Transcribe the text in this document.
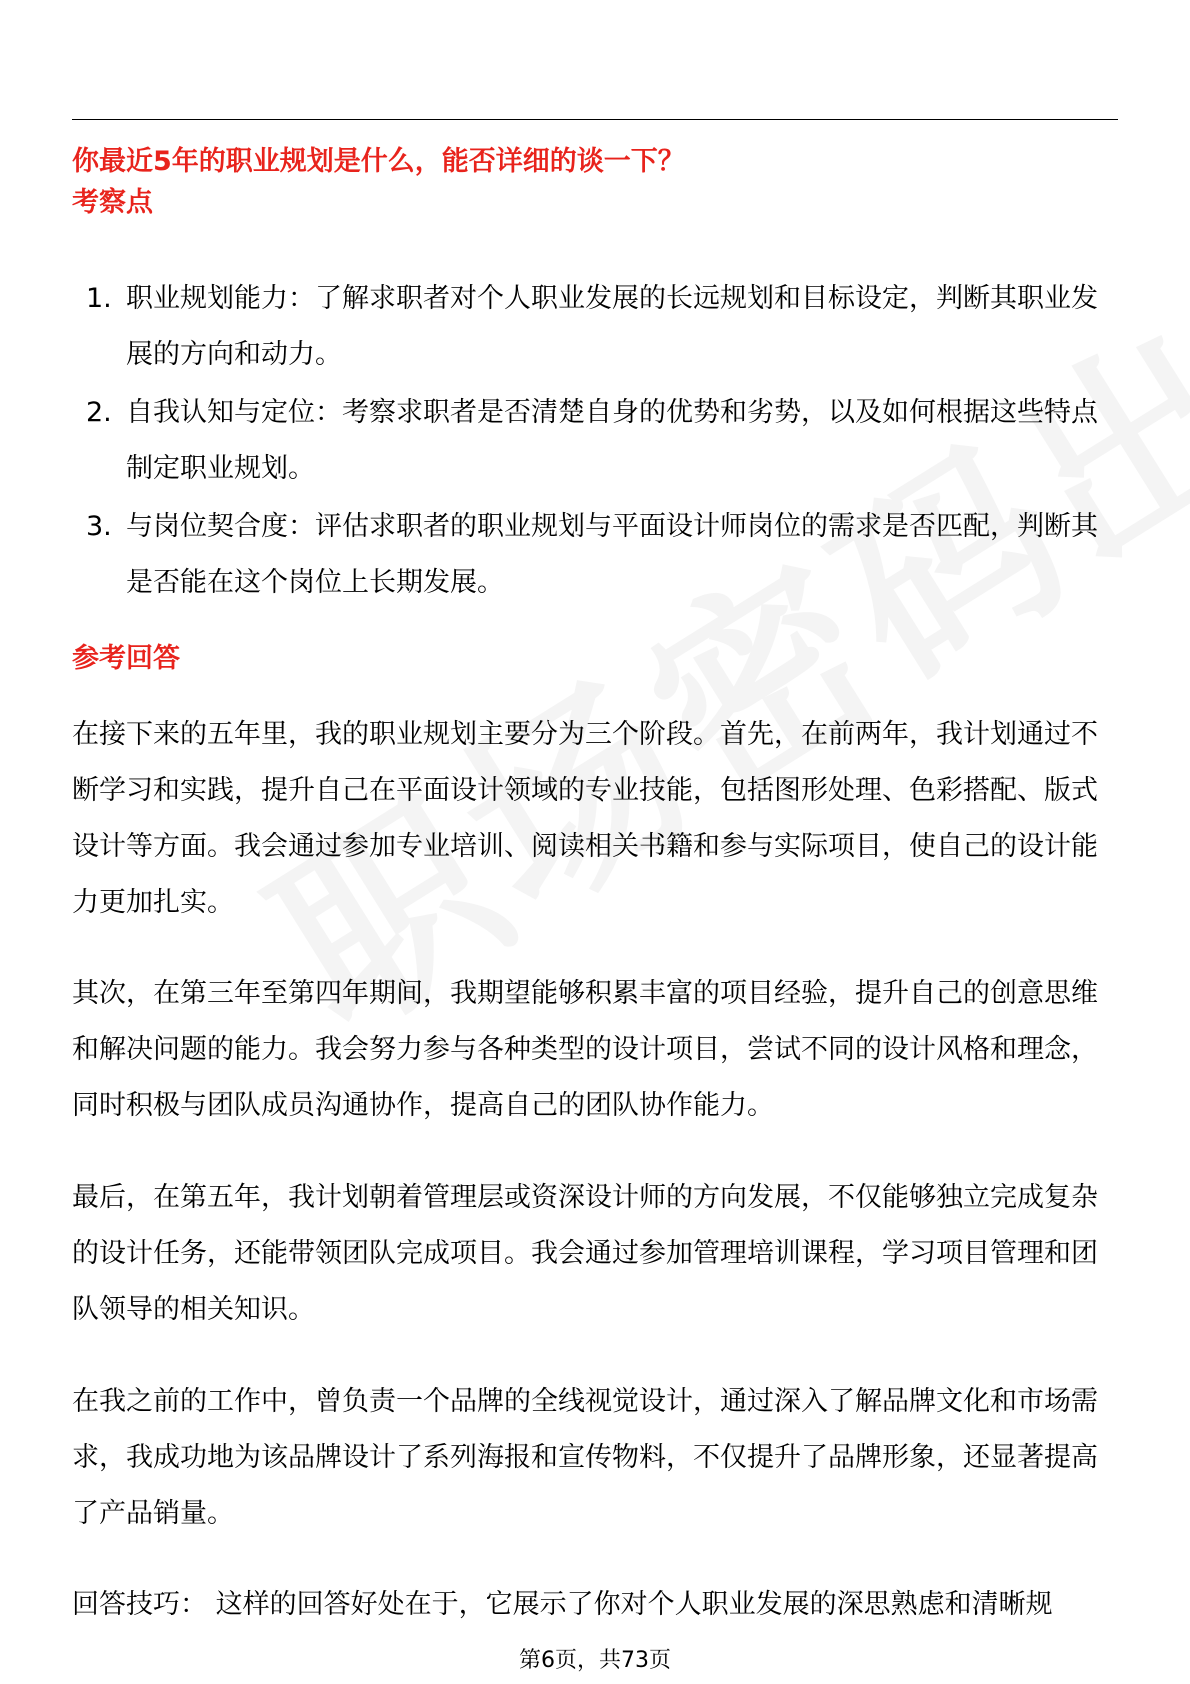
你最近5年的职业规划是什么，能否详细的谈一下？
考察点
1. 职业规划能力：了解求职者对个人职业发展的长远规划和目标设定，判断其职业发展的方向和动力。
2. 自我认知与定位：考察求职者是否清楚自身的优势和劣势，以及如何根据这些特点制定职业规划。
3. 与岗位契合度：评估求职者的职业规划与平面设计师岗位的需求是否匹配，判断其是否能在这个岗位上长期发展。
参考回答

在接下来的五年里，我的职业规划主要分为三个阶段。首先，在前两年，我计划通过不断学习和实践，提升自己在平面设计领域的专业技能，包括图形处理、色彩搭配、版式设计等方面。我会通过参加专业培训、阅读相关书籍和参与实际项目，使自己的设计能力更加扎实。

其次，在第三年至第四年期间，我期望能够积累丰富的项目经验，提升自己的创意思维和解决问题的能力。我会努力参与各种类型的设计项目，尝试不同的设计风格和理念，同时积极与团队成员沟通协作，提高自己的团队协作能力。

最后，在第五年，我计划朝着管理层或资深设计师的方向发展，不仅能够独立完成复杂的设计任务，还能带领团队完成项目。我会通过参加管理培训课程，学习项目管理和团队领导的相关知识。

在我之前的工作中，曾负责一个品牌的全线视觉设计，通过深入了解品牌文化和市场需求，我成功地为该品牌设计了系列海报和宣传物料，不仅提升了品牌形象，还显著提高了产品销量。

回答技巧： 这样的回答好处在于，它展示了你对个人职业发展的深思熟虑和清晰规

第6页，共73页
